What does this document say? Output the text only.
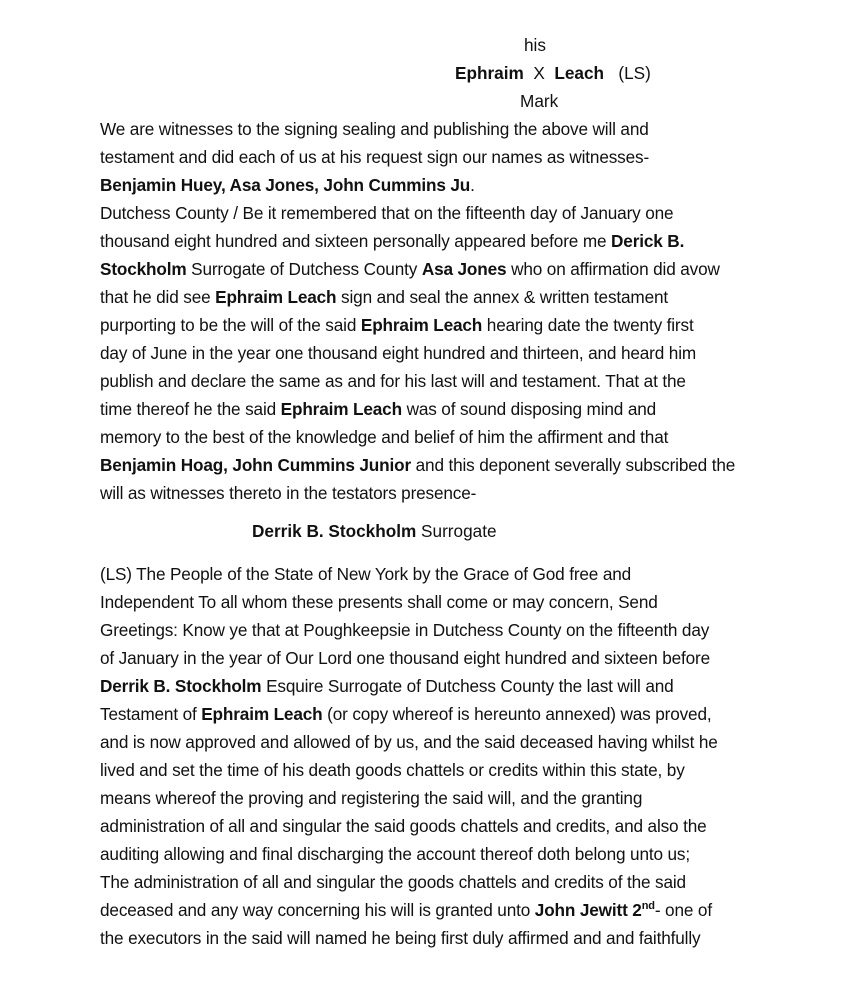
his
Ephraim X Leach (LS)
Mark
We are witnesses to the signing sealing and publishing the above will and
testament and did each of us at his request sign our names as witnesses-
Benjamin Huey, Asa Jones, John Cummins Ju.
Dutchess County / Be it remembered that on the fifteenth day of January one
thousand eight hundred and sixteen personally appeared before me Derick B.
Stockholm Surrogate of Dutchess County Asa Jones who on affirmation did avow
that he did see Ephraim Leach sign and seal the annex & written testament
purporting to be the will of the said Ephraim Leach hearing date the twenty first
day of June in the year one thousand eight hundred and thirteen, and heard him
publish and declare the same as and for his last will and testament. That at the
time thereof he the said Ephraim Leach was of sound disposing mind and
memory to the best of the knowledge and belief of him the affirment and that
Benjamin Hoag, John Cummins Junior and this deponent severally subscribed the
will as witnesses thereto in the testators presence-
Derrik B. Stockholm Surrogate
(LS) The People of the State of New York by the Grace of God free and
Independent To all whom these presents shall come or may concern, Send
Greetings: Know ye that at Poughkeepsie in Dutchess County on the fifteenth day
of January in the year of Our Lord one thousand eight hundred and sixteen before
Derrik B. Stockholm Esquire Surrogate of Dutchess County the last will and
Testament of Ephraim Leach (or copy whereof is hereunto annexed) was proved,
and is now approved and allowed of by us, and the said deceased having whilst he
lived and set the time of his death goods chattels or credits within this state, by
means whereof the proving and registering the said will, and the granting
administration of all and singular the said goods chattels and credits, and also the
auditing allowing and final discharging the account thereof doth belong unto us;
The administration of all and singular the goods chattels and credits of the said
deceased and any way concerning his will is granted unto John Jewitt 2nd- one of
the executors in the said will named he being first duly affirmed and and faithfully
